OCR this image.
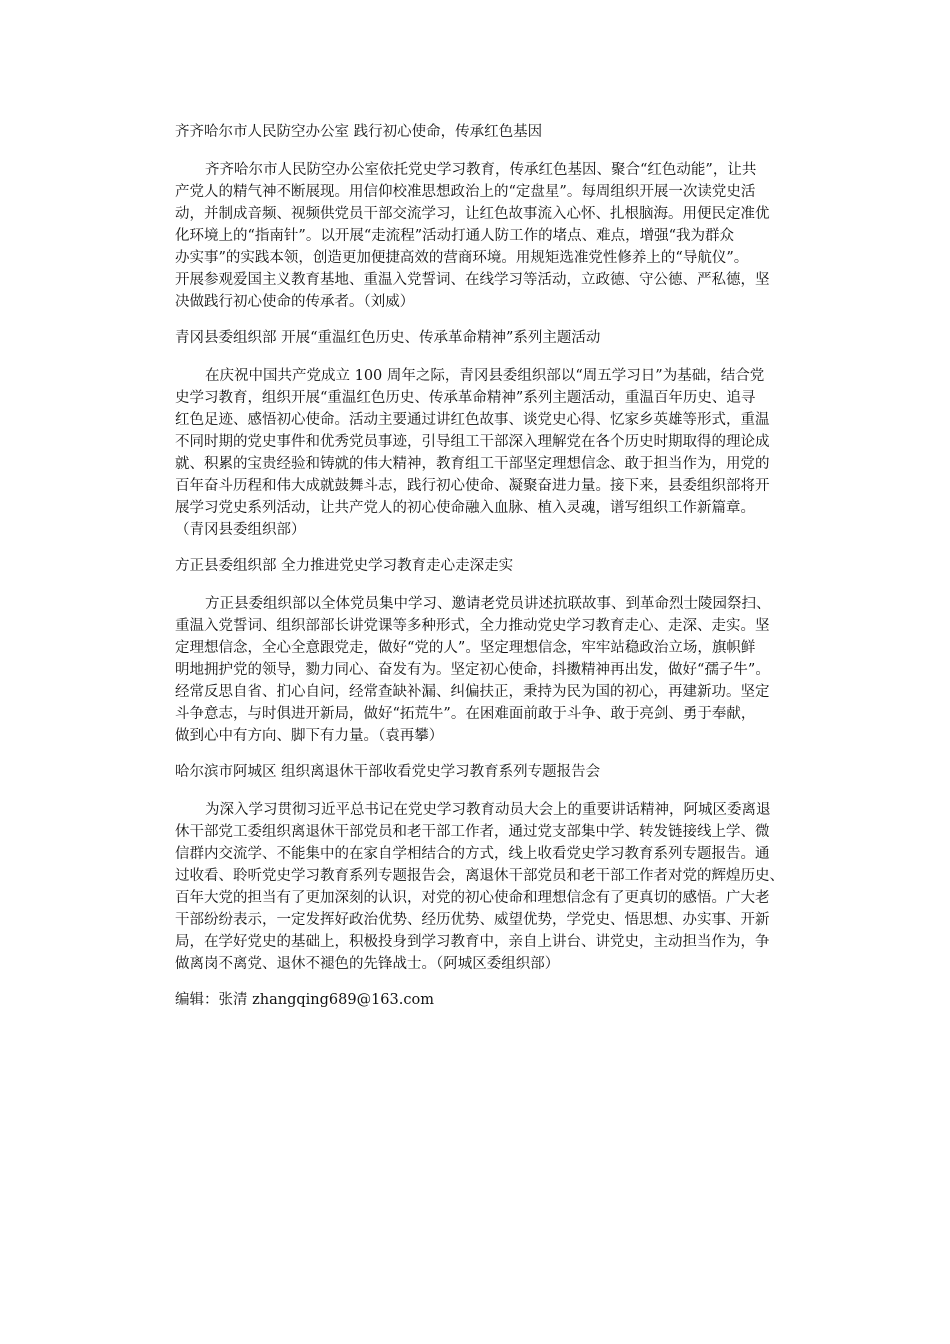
齐齐哈尔市人民防空办公室 践行初心使命，传承红色基因

齐齐哈尔市人民防空办公室依托党史学习教育，传承红色基因、聚合“红色动能”，让共
产党人的精气神不断展现。用信仰校准思想政治上的“定盘星”。每周组织开展一次读党史活
动，并制成音频、视频供党员干部交流学习，让红色故事流入心怀、扎根脑海。用便民定准优
化环境上的“指南针”。以开展“走流程”活动打通人防工作的堵点、难点，增强“我为群众
办实事”的实践本领，创造更加便捷高效的营商环境。用规矩选准党性修养上的“导航仪”。
开展参观爱国主义教育基地、重温入党誓词、在线学习等活动，立政德、守公德、严私德，坚
决做践行初心使命的传承者。（刘威）

青冈县委组织部 开展“重温红色历史、传承革命精神”系列主题活动

在庆祝中国共产党成立 100 周年之际，青冈县委组织部以“周五学习日”为基础，结合党
史学习教育，组织开展“重温红色历史、传承革命精神”系列主题活动，重温百年历史、追寻
红色足迹、感悟初心使命。活动主要通过讲红色故事、谈党史心得、忆家乡英雄等形式，重温
不同时期的党史事件和优秀党员事迹，引导组工干部深入理解党在各个历史时期取得的理论成
就、积累的宝贵经验和铸就的伟大精神，教育组工干部坚定理想信念、敢于担当作为，用党的
百年奋斗历程和伟大成就鼓舞斗志，践行初心使命、凝聚奋进力量。接下来，县委组织部将开
展学习党史系列活动，让共产党人的初心使命融入血脉、植入灵魂，谱写组织工作新篇章。
（青冈县委组织部）

方正县委组织部 全力推进党史学习教育走心走深走实

方正县委组织部以全体党员集中学习、邀请老党员讲述抗联故事、到革命烈士陵园祭扫、
重温入党誓词、组织部部长讲党课等多种形式，全力推动党史学习教育走心、走深、走实。坚
定理想信念，全心全意跟党走，做好“党的人”。坚定理想信念，牢牢站稳政治立场，旗帜鲜
明地拥护党的领导，勠力同心、奋发有为。坚定初心使命，抖擞精神再出发，做好“孺子牛”。
经常反思自省、扪心自问，经常查缺补漏、纠偏扶正，秉持为民为国的初心，再建新功。坚定
斗争意志，与时俱进开新局，做好“拓荒牛”。在困难面前敢于斗争、敢于亮剑、勇于奉献，
做到心中有方向、脚下有力量。（袁再攀）

哈尔滨市阿城区 组织离退休干部收看党史学习教育系列专题报告会

为深入学习贯彻习近平总书记在党史学习教育动员大会上的重要讲话精神，阿城区委离退
休干部党工委组织离退休干部党员和老干部工作者，通过党支部集中学、转发链接线上学、微
信群内交流学、不能集中的在家自学相结合的方式，线上收看党史学习教育系列专题报告。通
过收看、聆听党史学习教育系列专题报告会，离退休干部党员和老干部工作者对党的辉煌历史、
百年大党的担当有了更加深刻的认识，对党的初心使命和理想信念有了更真切的感悟。广大老
干部纷纷表示，一定发挥好政治优势、经历优势、威望优势，学党史、悟思想、办实事、开新
局，在学好党史的基础上，积极投身到学习教育中，亲自上讲台、讲党史，主动担当作为，争
做离岗不离党、退休不褪色的先锋战士。（阿城区委组织部）

编辑：张清 zhangqing689@163.com
